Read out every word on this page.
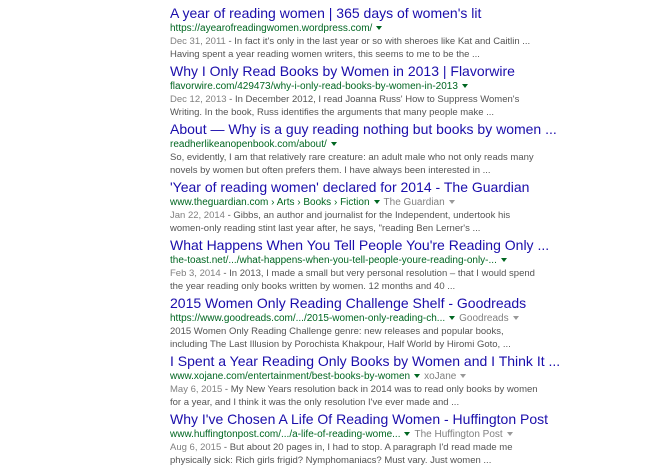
A year of reading women | 365 days of women's lit
https://ayearofreadingwomen.wordpress.com/
Dec 31, 2011 - In fact it's only in the last year or so with sheroes like Kat and Caitlin ...
Having spent a year reading women writers, this seems to me to be the ...
Why I Only Read Books by Women in 2013 | Flavorwire
flavorwire.com/429473/why-i-only-read-books-by-women-in-2013
Dec 12, 2013 - In December 2012, I read Joanna Russ' How to Suppress Women's
Writing. In the book, Russ identifies the arguments that many people make ...
About — Why is a guy reading nothing but books by women ...
readherlikeanopenbook.com/about/
So, evidently, I am that relatively rare creature: an adult male who not only reads many
novels by women but often prefers them. I have always been interested in ...
'Year of reading women' declared for 2014 - The Guardian
www.theguardian.com › Arts › Books › Fiction The Guardian
Jan 22, 2014 - Gibbs, an author and journalist for the Independent, undertook his
women-only reading stint last year after, he says, "reading Ben Lerner's ...
What Happens When You Tell People You're Reading Only ...
the-toast.net/.../what-happens-when-you-tell-people-youre-reading-only-...
Feb 3, 2014 - In 2013, I made a small but very personal resolution – that I would spend
the year reading only books written by women. 12 months and 40 ...
2015 Women Only Reading Challenge Shelf - Goodreads
https://www.goodreads.com/.../2015-women-only-reading-ch... Goodreads
2015 Women Only Reading Challenge genre: new releases and popular books,
including The Last Illusion by Porochista Khakpour, Half World by Hiromi Goto, ...
I Spent a Year Reading Only Books by Women and I Think It ...
www.xojane.com/entertainment/best-books-by-women xoJane
May 6, 2015 - My New Years resolution back in 2014 was to read only books by women
for a year, and I think it was the only resolution I've ever made and ...
Why I've Chosen A Life Of Reading Women - Huffington Post
www.huffingtonpost.com/.../a-life-of-reading-wome... The Huffington Post
Aug 6, 2015 - But about 20 pages in, I had to stop. A paragraph I'd read made me
physically sick: Rich girls frigid? Nymphomaniacs? Must vary. Just women ...
